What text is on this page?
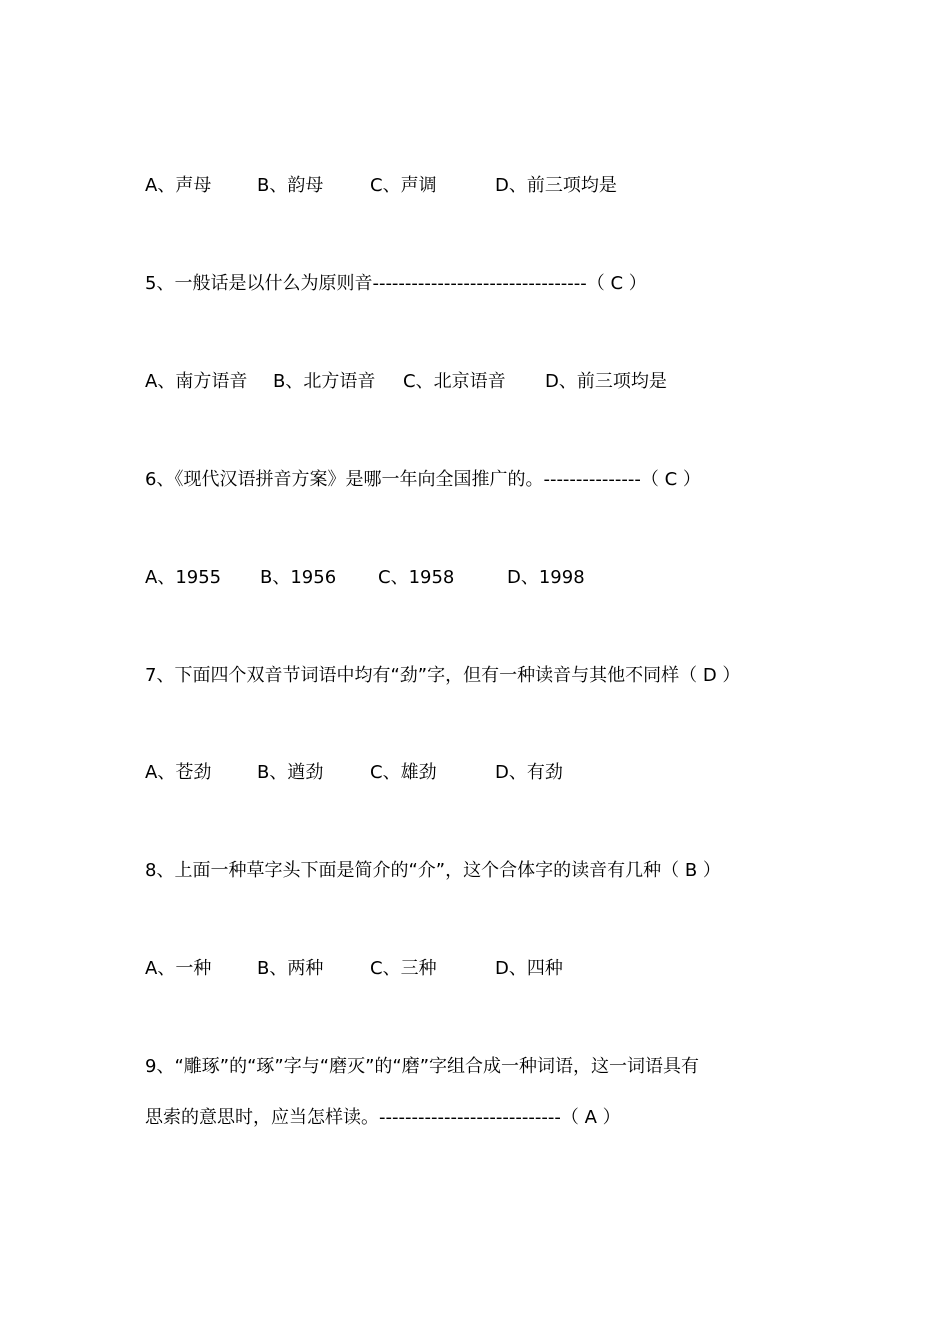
A、声母

	B、韵母

	C、声调

	D、前三项均是

5、一般话是以什么为原则音---------------------------------（ C ）

A、南方语音

B、北方语音

C、北京语音

D、前三项均是

6、《现代汉语拼音方案》是哪一年向全国推广的。---------------（ C ）

A、1955

B、1956

C、1958

	D、1998

7、下面四个双音节词语中均有“劲”字，但有一种读音与其他不同样（ D ）

A、苍劲

	B、遒劲

	C、雄劲

	D、有劲

8、上面一种草字头下面是简介的“介”，这个合体字的读音有几种（ B ）

A、一种

	B、两种

	C、三种

	D、四种

9、“雕琢”的“琢”字与“磨灭”的“磨”字组合成一种词语，这一词语具有
思索的意思时，应当怎样读。----------------------------（ A ）
